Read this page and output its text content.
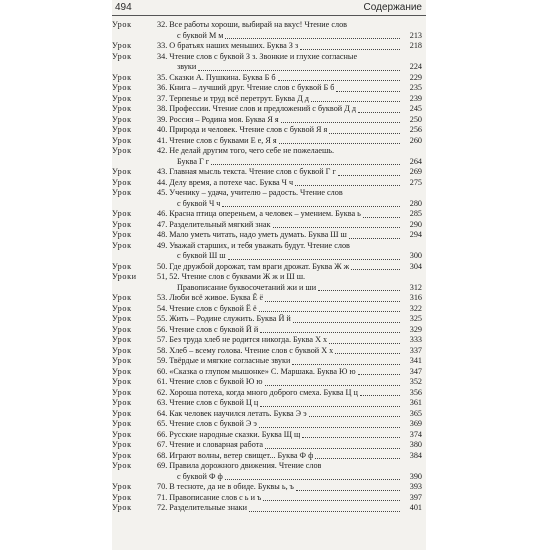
494	Содержание
Урок	32. Все работы хороши, выбирай на вкус! Чтение слов
с буквой М м	213
Урок	33. О братьях наших меньших. Буква З з	218
Урок	34. Чтение слов с буквой З з. Звонкие и глухие согласные
звуки	224
Урок	35. Сказки А. Пушкина. Буква Б б	229
Урок	36. Книга – лучший друг. Чтение слов с буквой Б б	235
Урок	37. Терпенье и труд всё перетрут. Буква Д д	239
Урок	38. Профессии. Чтение слов и предложений с буквой Д д	245
Урок	39. Россия – Родина моя. Буква Я я	250
Урок	40. Природа и человек. Чтение слов с буквой Я я	256
Урок	41. Чтение слов с буквами Е е, Я я	260
Урок	42. Не делай другим того, чего себе не пожелаешь.
Буква Г г	264
Урок	43. Главная мысль текста. Чтение слов с буквой Г г	269
Урок	44. Делу время, а потехе час. Буква Ч ч	275
Урок	45. Ученику – удача, учителю – радость. Чтение слов
с буквой Ч ч	280
Урок	46. Красна птица опереньем, а человек – умением. Буква ь	285
Урок	47. Разделительный мягкий знак	290
Урок	48. Мало уметь читать, надо уметь думать. Буква Ш ш	294
Урок	49. Уважай старших, и тебя уважать будут. Чтение слов
с буквой Ш ш	300
Урок	50. Где дружбой дорожат, там враги дрожат. Буква Ж ж	304
Уроки	51, 52. Чтение слов с буквами Ж ж и Ш ш.
Правописание буквосочетаний жи и ши	312
Урок	53. Люби всё живое. Буква Ё ё	316
Урок	54. Чтение слов с буквой Ё ё	322
Урок	55. Жить – Родине служить. Буква Й й	325
Урок	56. Чтение слов с буквой Й й	329
Урок	57. Без труда хлеб не родится никогда. Буква Х х	333
Урок	58. Хлеб – всему голова. Чтение слов с буквой Х х	337
Урок	59. Твёрдые и мягкие согласные звуки	341
Урок	60. «Сказка о глупом мышонке» С. Маршака. Буква Ю ю	347
Урок	61. Чтение слов с буквой Ю ю	352
Урок	62. Хороша потеха, когда много доброго смеха. Буква Ц ц	356
Урок	63. Чтение слов с буквой Ц ц	361
Урок	64. Как человек научился летать. Буква Э э	365
Урок	65. Чтение слов с буквой Э э	369
Урок	66. Русские народные сказки. Буква Щ щ	374
Урок	67. Чтение и словарная работа	380
Урок	68. Играют волны, ветер свищет... Буква Ф ф	384
Урок	69. Правила дорожного движения. Чтение слов
с буквой Ф ф	390
Урок	70. В тесноте, да не в обиде. Буквы ь, ъ	393
Урок	71. Правописание слов с ь и ъ	397
Урок	72. Разделительные знаки	401
